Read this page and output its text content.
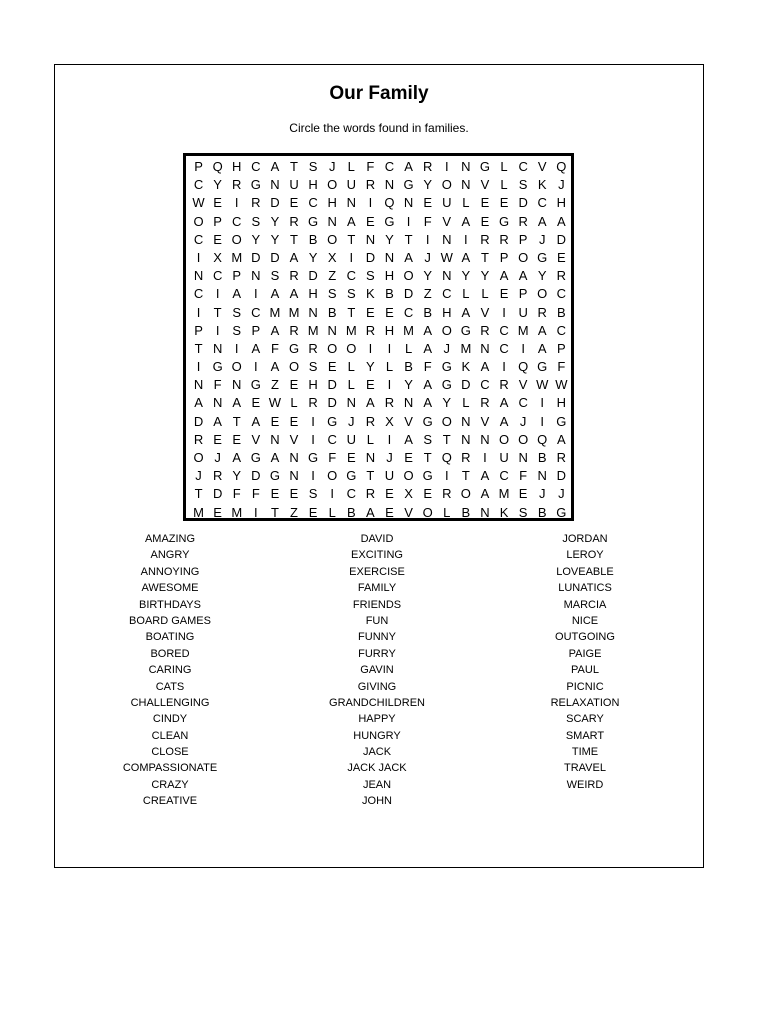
Our Family
Circle the words found in families.
P Q H C A T S J L F C A R I N G L C V Q
C Y R G N U H O U R N G Y O N V L S K J
W E I R D E C H N I Q N E U L E E D C H
O P C S Y R G N A E G I	F V A E G R A A
C E O Y Y T B O T N Y T	I N I R R P J D
I X M D D A Y X I D N A J W A T P O G E
N C P N S R D Z C S H O Y N Y Y A A Y R
C I A I A A H S S K B D Z C L L E P O C
I	T S C M M N B T E E C B H A V I U R B
P I S P A R M N M R H M A O G R C M A C
T N I A F G R O O I	I	L A J M N C I A P
I G O I A O S E L Y L B F G K A I Q G F
N F N G Z E H D L E I Y A G D C R V W W
A N A E W L R D N A R N A Y L R A C I H
D A T A E E I G J R X V G O N V A J	I G
R E E V N V I C U L	I A S T N N O O Q A
O J A G A N G F E N J E T Q R I U N B R
J R Y D G N I O G T U O G I	T A C F N D
T D F F E E S I C R E X E R O A M E J J
M E M I	T Z E L B A E V O L B N K S B G
AMAZING
ANGRY
ANNOYING
AWESOME
BIRTHDAYS
BOARD GAMES
BOATING
BORED
CARING
CATS
CHALLENGING
CINDY
CLEAN
CLOSE
COMPASSIONATE
CRAZY
CREATIVE
DAVID
EXCITING
EXERCISE
FAMILY
FRIENDS
FUN
FUNNY
FURRY
GAVIN
GIVING
GRANDCHILDREN
HAPPY
HUNGRY
JACK
JACK JACK
JEAN
JOHN
JORDAN
LEROY
LOVEABLE
LUNATICS
MARCIA
NICE
OUTGOING
PAIGE
PAUL
PICNIC
RELAXATION
SCARY
SMART
TIME
TRAVEL
WEIRD
